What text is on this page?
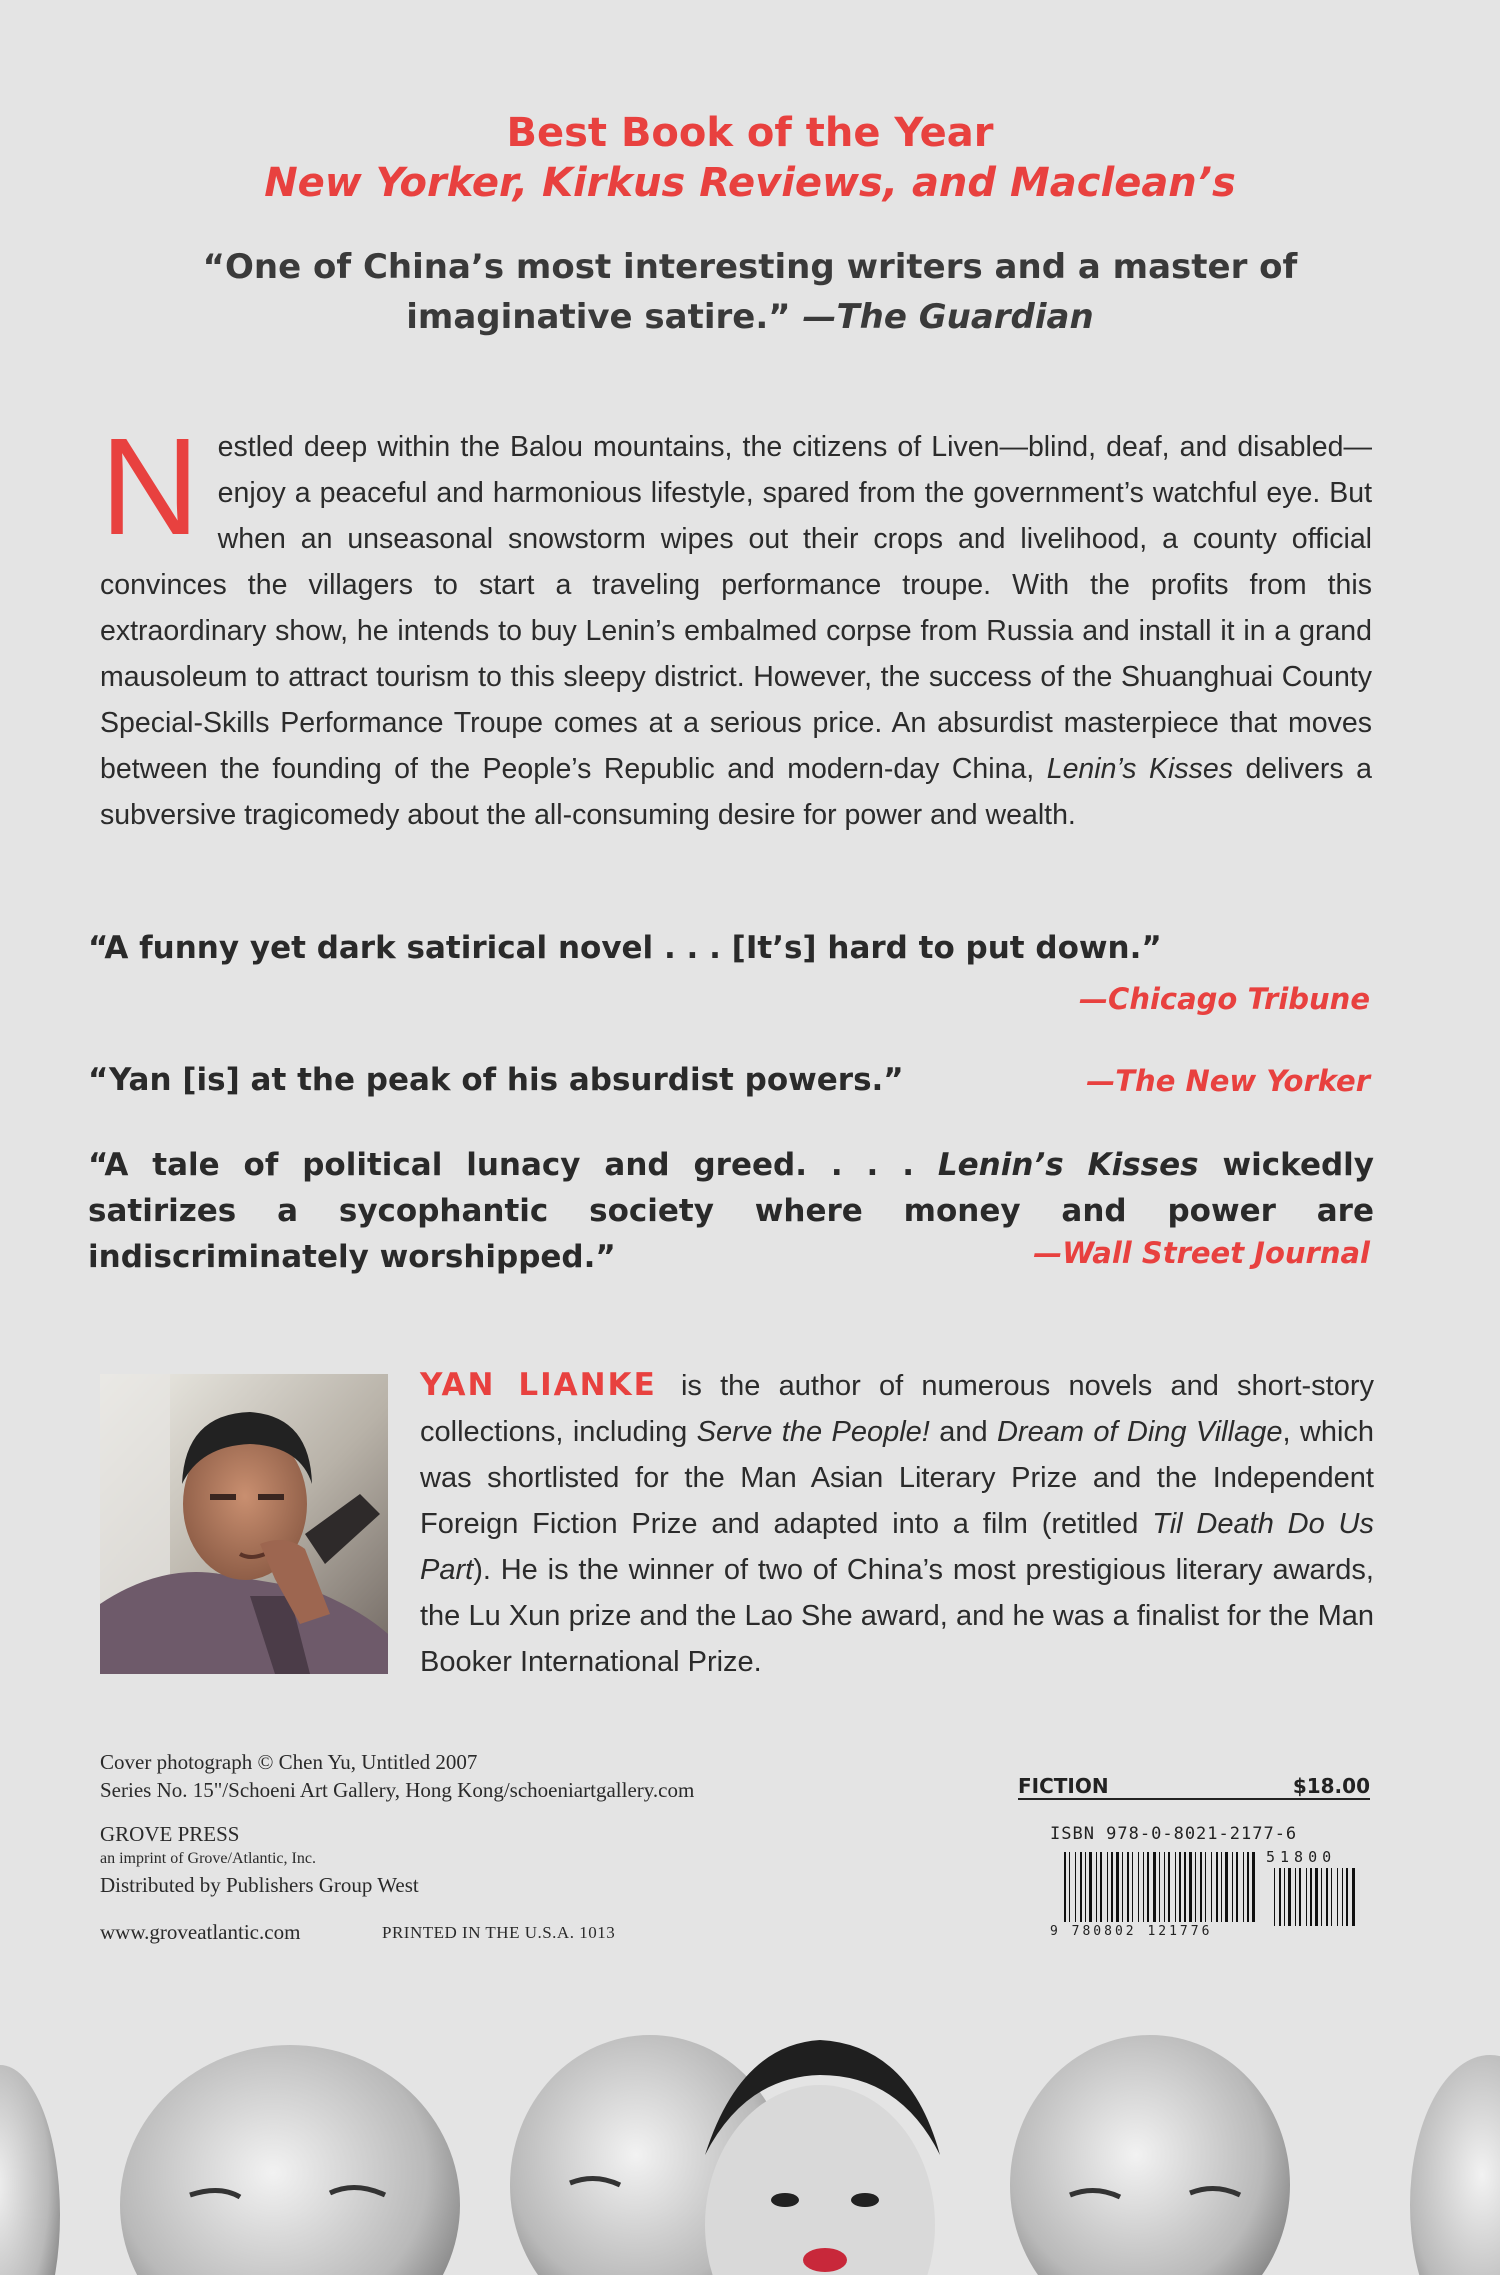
Best Book of the Year
New Yorker, Kirkus Reviews, and Maclean’s
“One of China’s most interesting writers and a master of imaginative satire.” —The Guardian
Nestled deep within the Balou mountains, the citizens of Liven—blind, deaf, and disabled—enjoy a peaceful and harmonious lifestyle, spared from the government’s watchful eye. But when an unseasonal snowstorm wipes out their crops and livelihood, a county official convinces the villagers to start a traveling performance troupe. With the profits from this extraordinary show, he intends to buy Lenin’s embalmed corpse from Russia and install it in a grand mausoleum to attract tourism to this sleepy district. However, the success of the Shuanghuai County Special-Skills Performance Troupe comes at a serious price. An absurdist masterpiece that moves between the founding of the People’s Republic and modern-day China, Lenin’s Kisses delivers a subversive tragicomedy about the all-consuming desire for power and wealth.
“A funny yet dark satirical novel . . . [It’s] hard to put down.”
—Chicago Tribune
“Yan [is] at the peak of his absurdist powers.”	—The New Yorker
“A tale of political lunacy and greed. . . . Lenin’s Kisses wickedly satirizes a sycophantic society where money and power are indiscriminately worshipped.”	—Wall Street Journal
YAN LIANKE is the author of numerous novels and short-story collections, including Serve the People! and Dream of Ding Village, which was shortlisted for the Man Asian Literary Prize and the Independent Foreign Fiction Prize and adapted into a film (retitled Til Death Do Us Part). He is the winner of two of China’s most prestigious literary awards, the Lu Xun prize and the Lao She award, and he was a finalist for the Man Booker International Prize.
Cover photograph © Chen Yu, Untitled 2007
Series No. 15"/Schoeni Art Gallery, Hong Kong/schoeniartgallery.com
GROVE PRESS
an imprint of Grove/Atlantic, Inc.
Distributed by Publishers Group West
www.groveatlantic.com	PRINTED IN THE U.S.A. 1013
FICTION	$18.00
ISBN 978-0-8021-2177-6
9 780802 121776
51800
